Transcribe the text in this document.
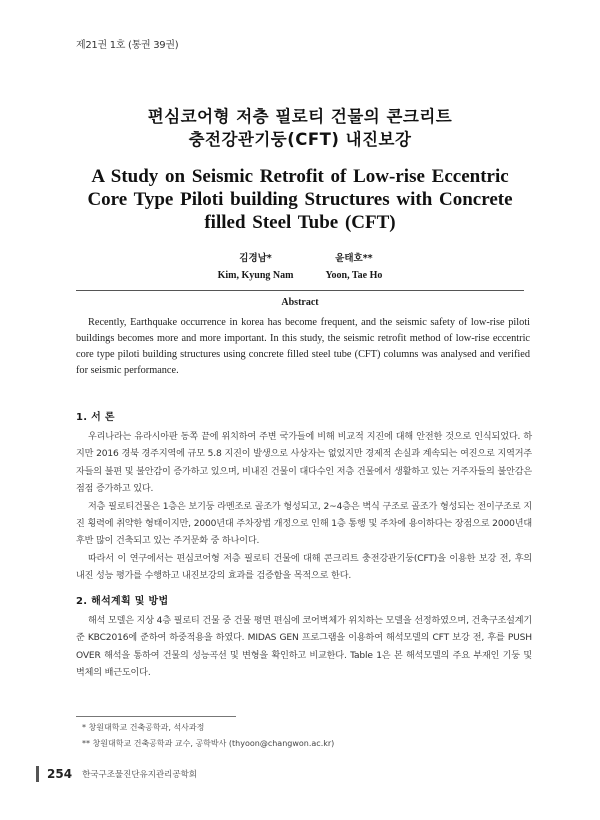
제21권 1호 (통권 39권)
편심코어형 저층 필로티 건물의 콘크리트
충전강관기둥(CFT) 내진보강
A Study on Seismic Retrofit of Low-rise Eccentric Core Type Piloti building Structures with Concrete filled Steel Tube (CFT)
김경남*
Kim, Kyung Nam
윤태호**
Yoon, Tae Ho
Abstract
Recently, Earthquake occurrence in korea has become frequent, and the seismic safety of low-rise piloti buildings becomes more and more important. In this study, the seismic retrofit method of low-rise eccentric core type piloti building structures using concrete filled steel tube (CFT) columns was analysed and verified for seismic performance.
1. 서 론

우리나라는 유라시아판 동쪽 끝에 위치하여 주변 국가들에 비해 비교적 지진에 대해 안전한 것으로 인식되었다. 하지만 2016 경북 경주지역에 규모 5.8 지진이 발생으로 사상자는 없었지만 경제적 손실과 계속되는 여진으로 지역거주자들의 불편 및 불안감이 증가하고 있으며, 비내진 건물이 대다수인 저층 건물에서 생활하고 있는 거주자들의 불안감은 점점 증가하고 있다.

저층 필로티건물은 1층은 보기둥 라멘조로 골조가 형성되고, 2~4층은 벽식 구조로 골조가 형성되는 전이구조로 지진 횡력에 취약한 형태이지만, 2000년대 주차장법 개정으로 인해 1층 통행 및 주차에 용이하다는 장점으로 2000년대 후반 많이 건축되고 있는 주거문화 중 하나이다.

따라서 이 연구에서는 편심코어형 저층 필로티 건물에 대해 콘크리트 충전강관기둥(CFT)을 이용한 보강 전, 후의 내진 성능 평가를 수행하고 내진보강의 효과를 검증함을 목적으로 한다.

2. 해석계획 및 방법

해석 모델은 지상 4층 필로티 건물 중 건물 평면 편심에 코어벽체가 위치하는 모델을 선정하였으며, 건축구조설계기준 KBC2016에 준하여 하중적용을 하였다. MIDAS GEN 프로그램을 이용하여 해석모델의 CFT 보강 전, 후를 PUSH OVER 해석을 통하여 건물의 성능곡선 및 변형을 확인하고 비교한다. Table 1은 본 해석모델의 주요 부재인 기둥 및 벽체의 배근도이다.

* 창원대학교 건축공학과, 석사과정
** 창원대학교 건축공학과 교수, 공학박사 (thyoon@changwon.ac.kr)
254 한국구조물진단유지관리공학회
